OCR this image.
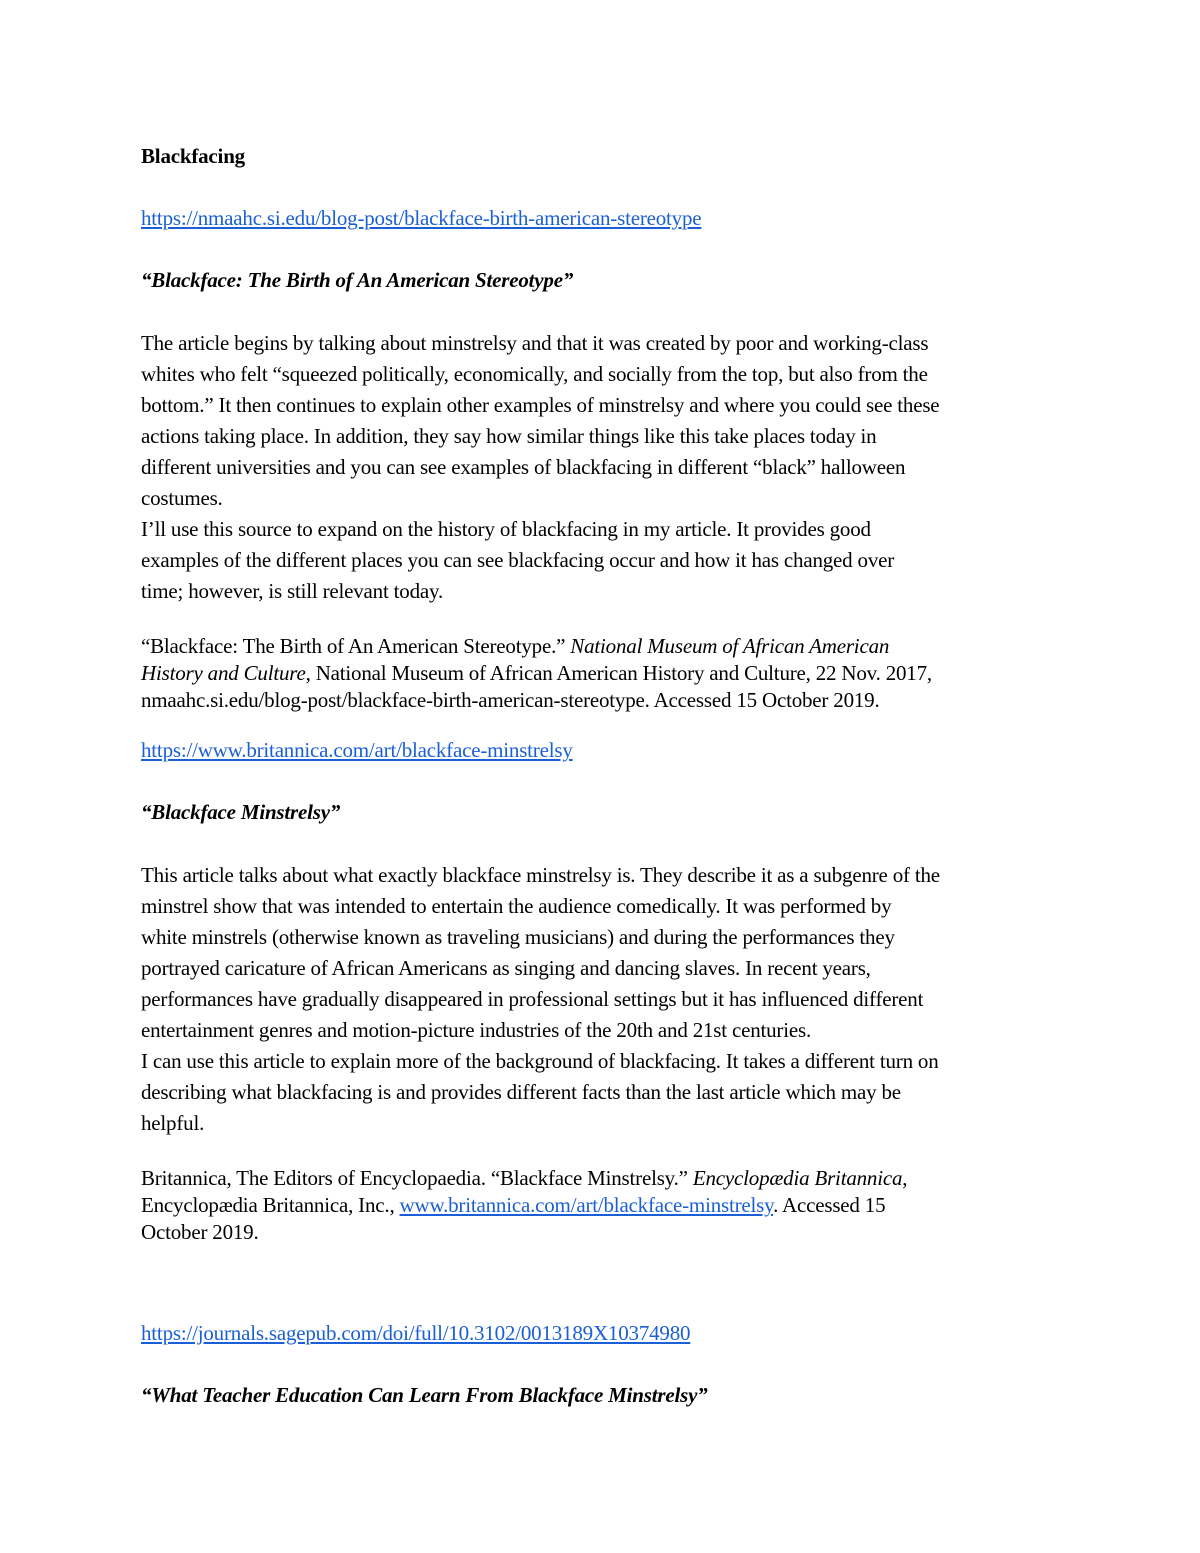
Blackfacing
https://nmaahc.si.edu/blog-post/blackface-birth-american-stereotype
“Blackface: The Birth of An American Stereotype”
The article begins by talking about minstrelsy and that it was created by poor and working-class
whites who felt “squeezed politically, economically, and socially from the top, but also from the
bottom.” It then continues to explain other examples of minstrelsy and where you could see these
actions taking place. In addition, they say how similar things like this take places today in
different universities and you can see examples of blackfacing in different “black” halloween
costumes.
I’ll use this source to expand on the history of blackfacing in my article. It provides good
examples of the different places you can see blackfacing occur and how it has changed over
time; however, is still relevant today.
“Blackface: The Birth of An American Stereotype.” National Museum of African American
History and Culture, National Museum of African American History and Culture, 22 Nov. 2017,
nmaahc.si.edu/blog-post/blackface-birth-american-stereotype. Accessed 15 October 2019.
https://www.britannica.com/art/blackface-minstrelsy
“Blackface Minstrelsy”
This article talks about what exactly blackface minstrelsy is. They describe it as a subgenre of the
minstrel show that was intended to entertain the audience comedically. It was performed by
white minstrels (otherwise known as traveling musicians) and during the performances they
portrayed caricature of African Americans as singing and dancing slaves. In recent years,
performances have gradually disappeared in professional settings but it has influenced different
entertainment genres and motion-picture industries of the 20th and 21st centuries.
I can use this article to explain more of the background of blackfacing. It takes a different turn on
describing what blackfacing is and provides different facts than the last article which may be
helpful.
Britannica, The Editors of Encyclopaedia. “Blackface Minstrelsy.” Encyclopædia Britannica,
Encyclopædia Britannica, Inc., www.britannica.com/art/blackface-minstrelsy. Accessed 15
October 2019.
https://journals.sagepub.com/doi/full/10.3102/0013189X10374980
“What Teacher Education Can Learn From Blackface Minstrelsy”
